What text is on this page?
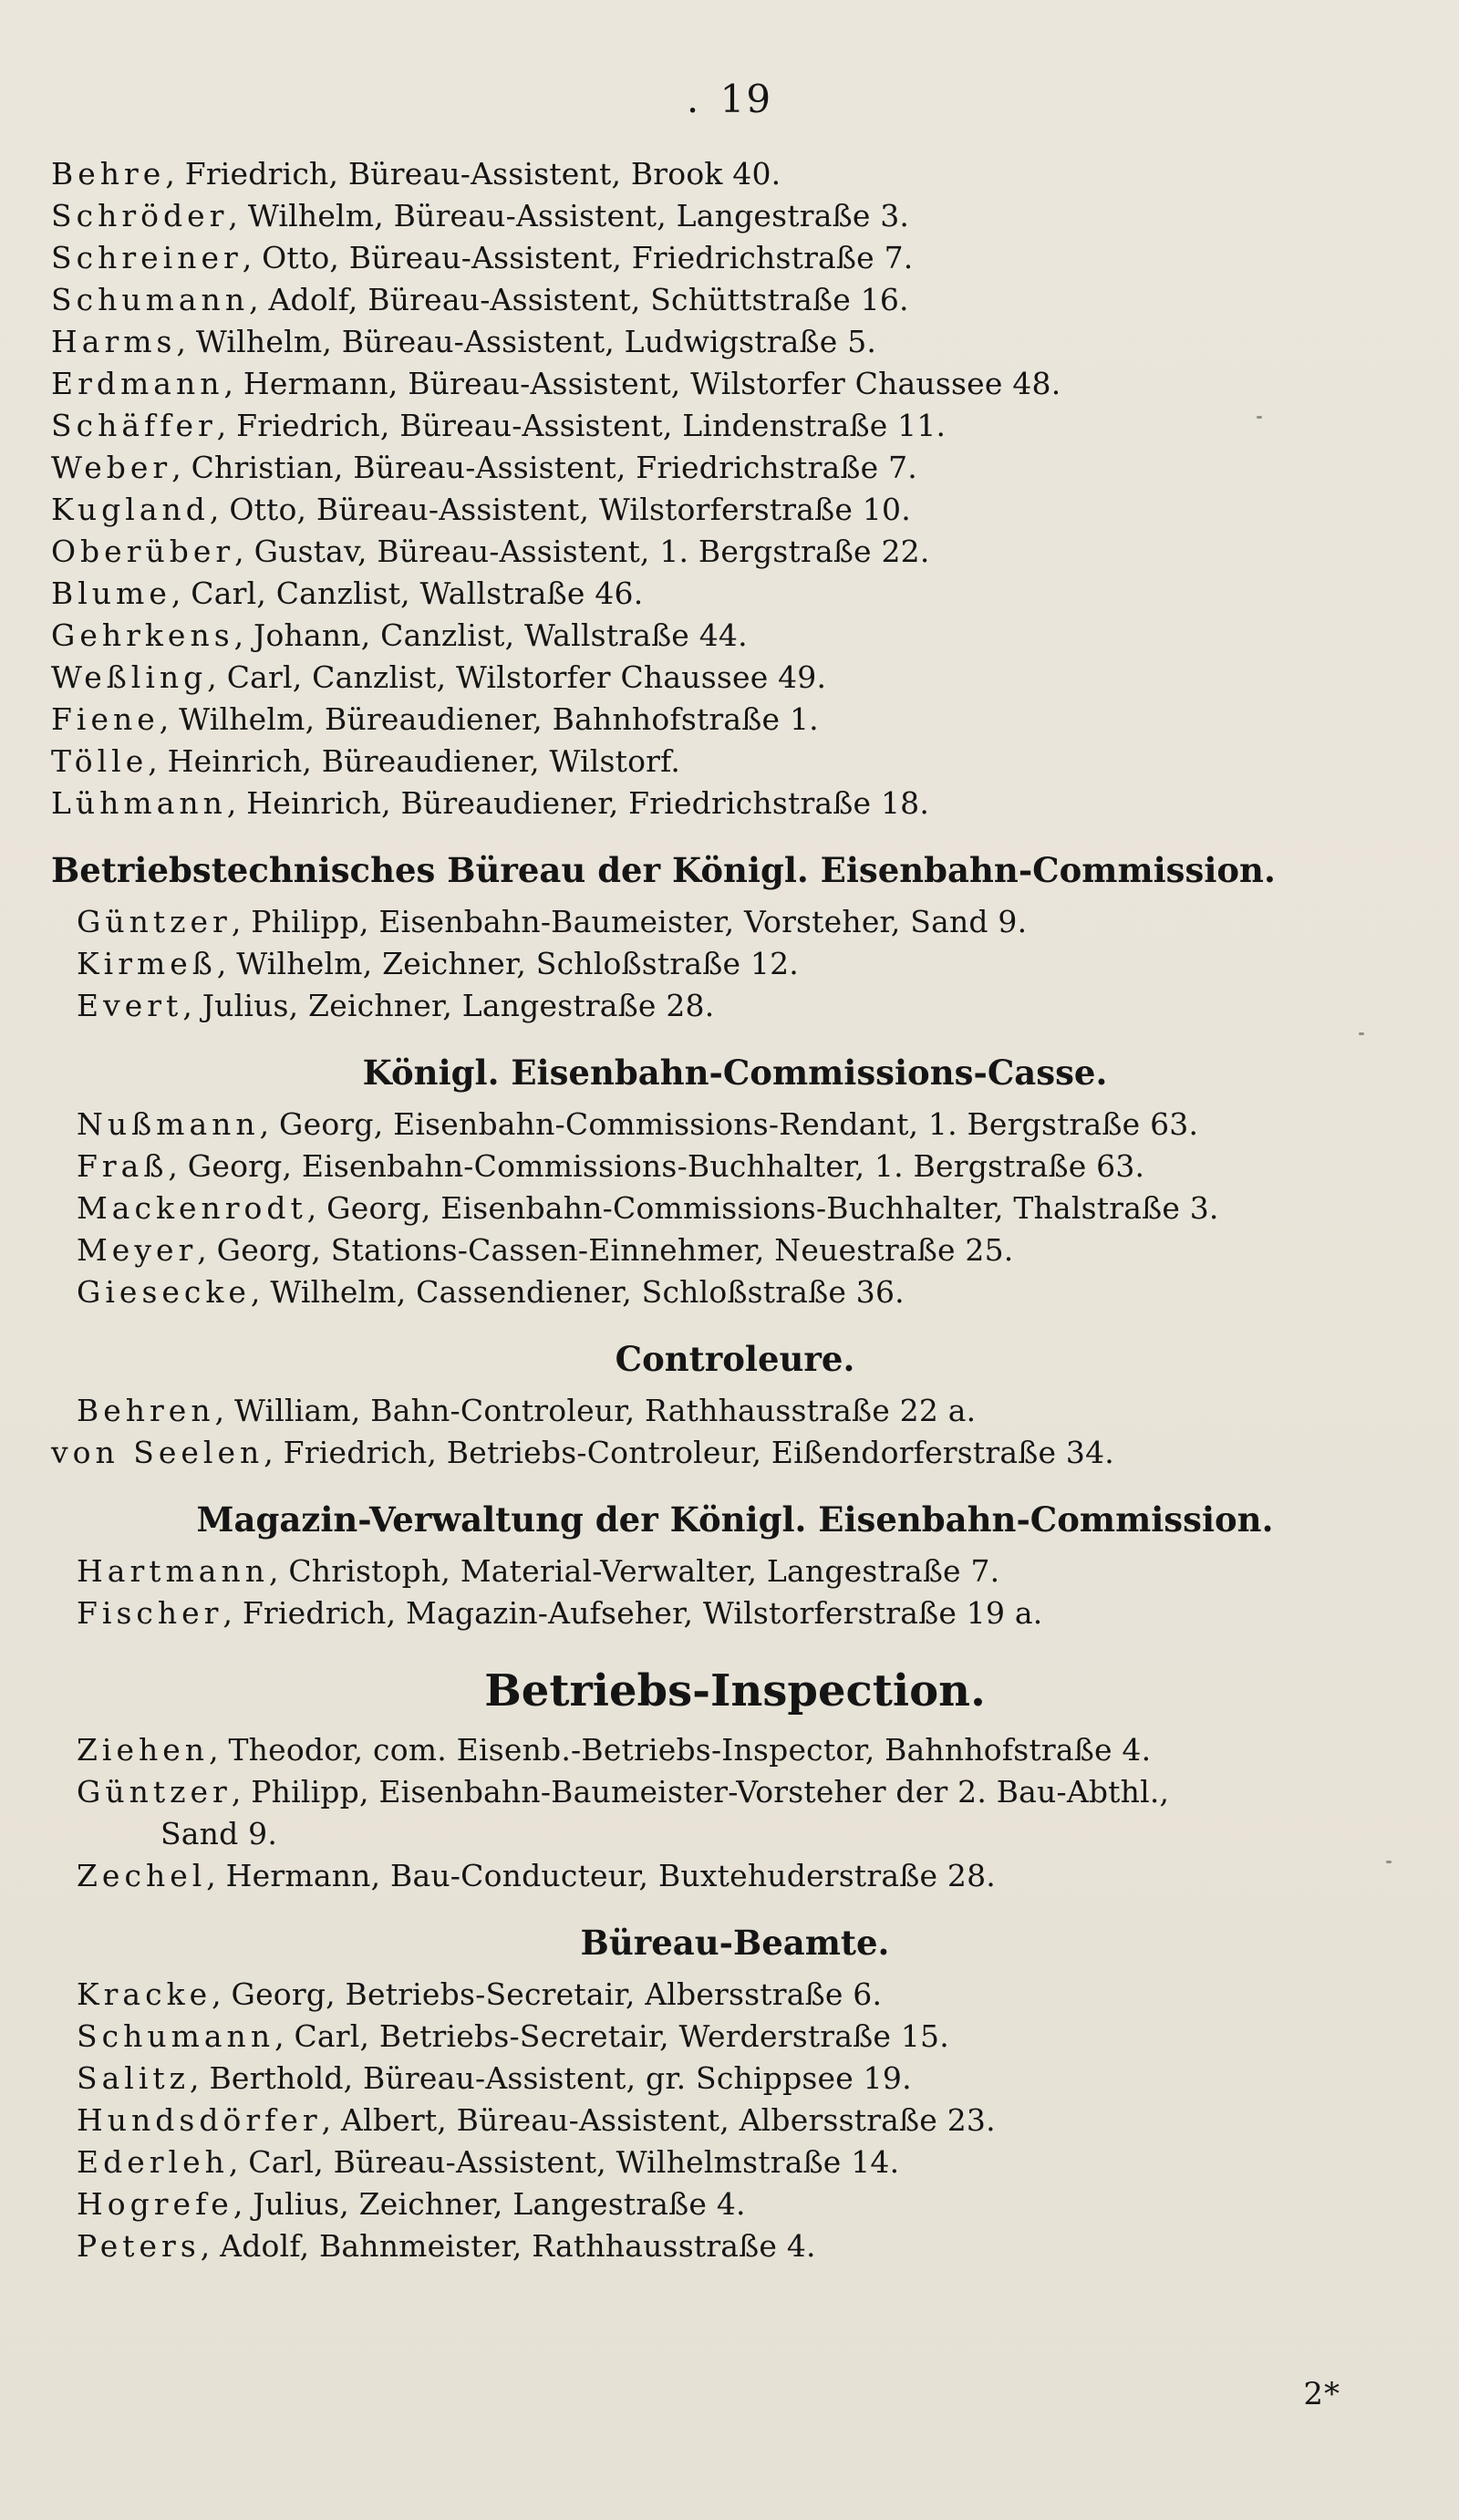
. 19
Behre, Friedrich, Büreau-Assistent, Brook 40.
Schröder, Wilhelm, Büreau-Assistent, Langestraße 3.
Schreiner, Otto, Büreau-Assistent, Friedrichstraße 7.
Schumann, Adolf, Büreau-Assistent, Schüttstraße 16.
Harms, Wilhelm, Büreau-Assistent, Ludwigstraße 5.
Erdmann, Hermann, Büreau-Assistent, Wilstorfer Chaussee 48.
Schäffer, Friedrich, Büreau-Assistent, Lindenstraße 11.
Weber, Christian, Büreau-Assistent, Friedrichstraße 7.
Kugland, Otto, Büreau-Assistent, Wilstorferstraße 10.
Oberüber, Gustav, Büreau-Assistent, 1. Bergstraße 22.
Blume, Carl, Canzlist, Wallstraße 46.
Gehrkens, Johann, Canzlist, Wallstraße 44.
Weßling, Carl, Canzlist, Wilstorfer Chaussee 49.
Fiene, Wilhelm, Büreaudiener, Bahnhofstraße 1.
Tölle, Heinrich, Büreaudiener, Wilstorf.
Lühmann, Heinrich, Büreaudiener, Friedrichstraße 18.
Betriebstechnisches Büreau der Königl. Eisenbahn-Commission.
Güntzer, Philipp, Eisenbahn-Baumeister, Vorsteher, Sand 9.
Kirmeß, Wilhelm, Zeichner, Schloßstraße 12.
Evert, Julius, Zeichner, Langestraße 28.
Königl. Eisenbahn-Commissions-Casse.
Nußmann, Georg, Eisenbahn-Commissions-Rendant, 1. Bergstraße 63.
Fraß, Georg, Eisenbahn-Commissions-Buchhalter, 1. Bergstraße 63.
Mackenrodt, Georg, Eisenbahn-Commissions-Buchhalter, Thalstraße 3.
Meyer, Georg, Stations-Cassen-Einnehmer, Neuestraße 25.
Giesecke, Wilhelm, Cassendiener, Schloßstraße 36.
Controleure.
Behren, William, Bahn-Controleur, Rathhausstraße 22 a.
von Seelen, Friedrich, Betriebs-Controleur, Eißendorferstraße 34.
Magazin-Verwaltung der Königl. Eisenbahn-Commission.
Hartmann, Christoph, Material-Verwalter, Langestraße 7.
Fischer, Friedrich, Magazin-Aufseher, Wilstorferstraße 19 a.
Betriebs-Inspection.
Ziehen, Theodor, com. Eisenb.-Betriebs-Inspector, Bahnhofstraße 4.
Güntzer, Philipp, Eisenbahn-Baumeister-Vorsteher der 2. Bau-Abthl.,
Sand 9.
Zechel, Hermann, Bau-Conducteur, Buxtehuderstraße 28.
Büreau-Beamte.
Kracke, Georg, Betriebs-Secretair, Albersstraße 6.
Schumann, Carl, Betriebs-Secretair, Werderstraße 15.
Salitz, Berthold, Büreau-Assistent, gr. Schippsee 19.
Hundsdörfer, Albert, Büreau-Assistent, Albersstraße 23.
Ederleh, Carl, Büreau-Assistent, Wilhelmstraße 14.
Hogrefe, Julius, Zeichner, Langestraße 4.
Peters, Adolf, Bahnmeister, Rathhausstraße 4.
2*
